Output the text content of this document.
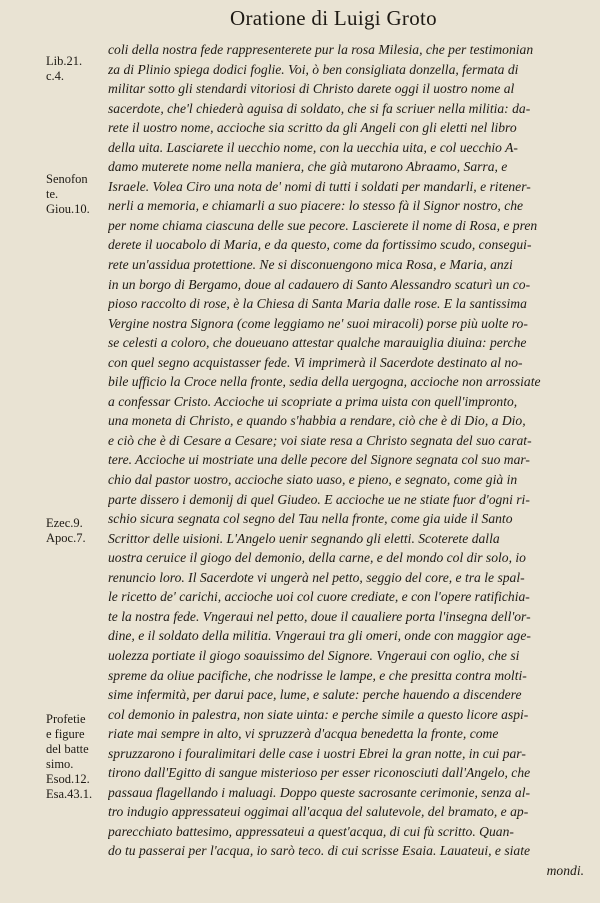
Oratione di Luigi Groto
Lib.21.
c.4.
Senofon
te.
Giou.10.
Ezec.9.
Apoc.7.
Profetie
e figure
del batte
simo.
Esod.12.
Esa.43.1.
coli della nostra fede rappresenterete pur la rosa Milesia, che per testimonian
za di Plinio spiega dodici foglie. Voi, ò ben consigliata donzella, fermata di
militar sotto gli stendardi vitoriosi di Christo darete oggi il uostro nome al
sacerdote, che'l chiederà aguisa di soldato, che si fa scriuer nella militia: da-
rete il uostro nome, accioche sia scritto da gli Angeli con gli eletti nel libro
della uita. Lasciarete il uecchio nome, con la uecchia uita, e col uecchio A-
damo muterete nome nella maniera, che già mutarono Abraamo, Sarra, e
Israele. Volea Ciro una nota de' nomi di tutti i soldati per mandarli, e ritener-
nerli a memoria, e chiamarli a suo piacere: lo stesso fà il Signor nostro, che
per nome chiama ciascuna delle sue pecore. Lascierete il nome di Rosa, e pren
derete il uocabolo di Maria, e da questo, come da fortissimo scudo, consegui-
rete un'assidua protettione. Ne si disconuengono mica Rosa, e Maria, anzi
in un borgo di Bergamo, doue al cadauero di Santo Alessandro scaturì un co-
pioso raccolto di rose, è la Chiesa di Santa Maria dalle rose. E la santissima
Vergine nostra Signora (come leggiamo ne' suoi miracoli) porse più uolte ro-
se celesti a coloro, che doueuano attestar qualche marauiglia diuina: perche
con quel segno acquistasser fede. Vi imprimerà il Sacerdote destinato al no-
bile ufficio la Croce nella fronte, sedia della uergogna, accioche non arrossiate
a confessar Cristo. Accioche ui scopriate a prima uista con quell'impronto,
una moneta di Christo, e quando s'habbia a rendare, ciò che è di Dio, a Dio,
e ciò che è di Cesare a Cesare; voi siate resa a Christo segnata del suo carat-
tere. Accioche ui mostriate una delle pecore del Signore segnata col suo mar-
chio dal pastor uostro, accioche siato uaso, e pieno, e segnato, come già in
parte dissero i demonij di quel Giudeo. E accioche ue ne stiate fuor d'ogni ri-
schio sicura segnata col segno del Tau nella fronte, come gia uide il Santo
Scrittor delle uisioni. L'Angelo uenir segnando gli eletti. Scoterete dalla
uostra ceruice il giogo del demonio, della carne, e del mondo col dir solo, io
renuncio loro. Il Sacerdote vi ungerà nel petto, seggio del core, e tra le spal-
le ricetto de' carichi, accioche uoi col cuore crediate, e con l'opere ratifichia-
te la nostra fede. Vngeraui nel petto, doue il caualiere porta l'insegna dell'or-
dine, e il soldato della militia. Vngeraui tra gli omeri, onde con maggior age-
uolezza portiate il giogo soauissimo del Signore. Vngeraui con oglio, che si
spreme da oliue pacifiche, che nodrisse le lampe, e che presitta contra molti-
sime infermità, per darui pace, lume, e salute: perche hauendo a discendere
col demonio in palestra, non siate uinta: e perche simile a questo licore aspi-
riate mai sempre in alto, vi spruzzerà d'acqua benedetta la fronte, come
spruzzarono i fouralimitari delle case i uostri Ebrei la gran notte, in cui par-
tirono dall'Egitto di sangue misterioso per esser riconosciuti dall'Angelo, che
passaua flagellando i maluagi. Doppo queste sacrosante cerimonie, senza al-
tro indugio appressateui oggimai all'acqua del salutevole, del bramato, e ap-
parecchiato battesimo, appressateui a quest'acqua, di cui fù scritto. Quan-
do tu passerai per l'acqua, io sarò teco. di cui scrisse Esaia. Lauateui, e siate
mondi.
